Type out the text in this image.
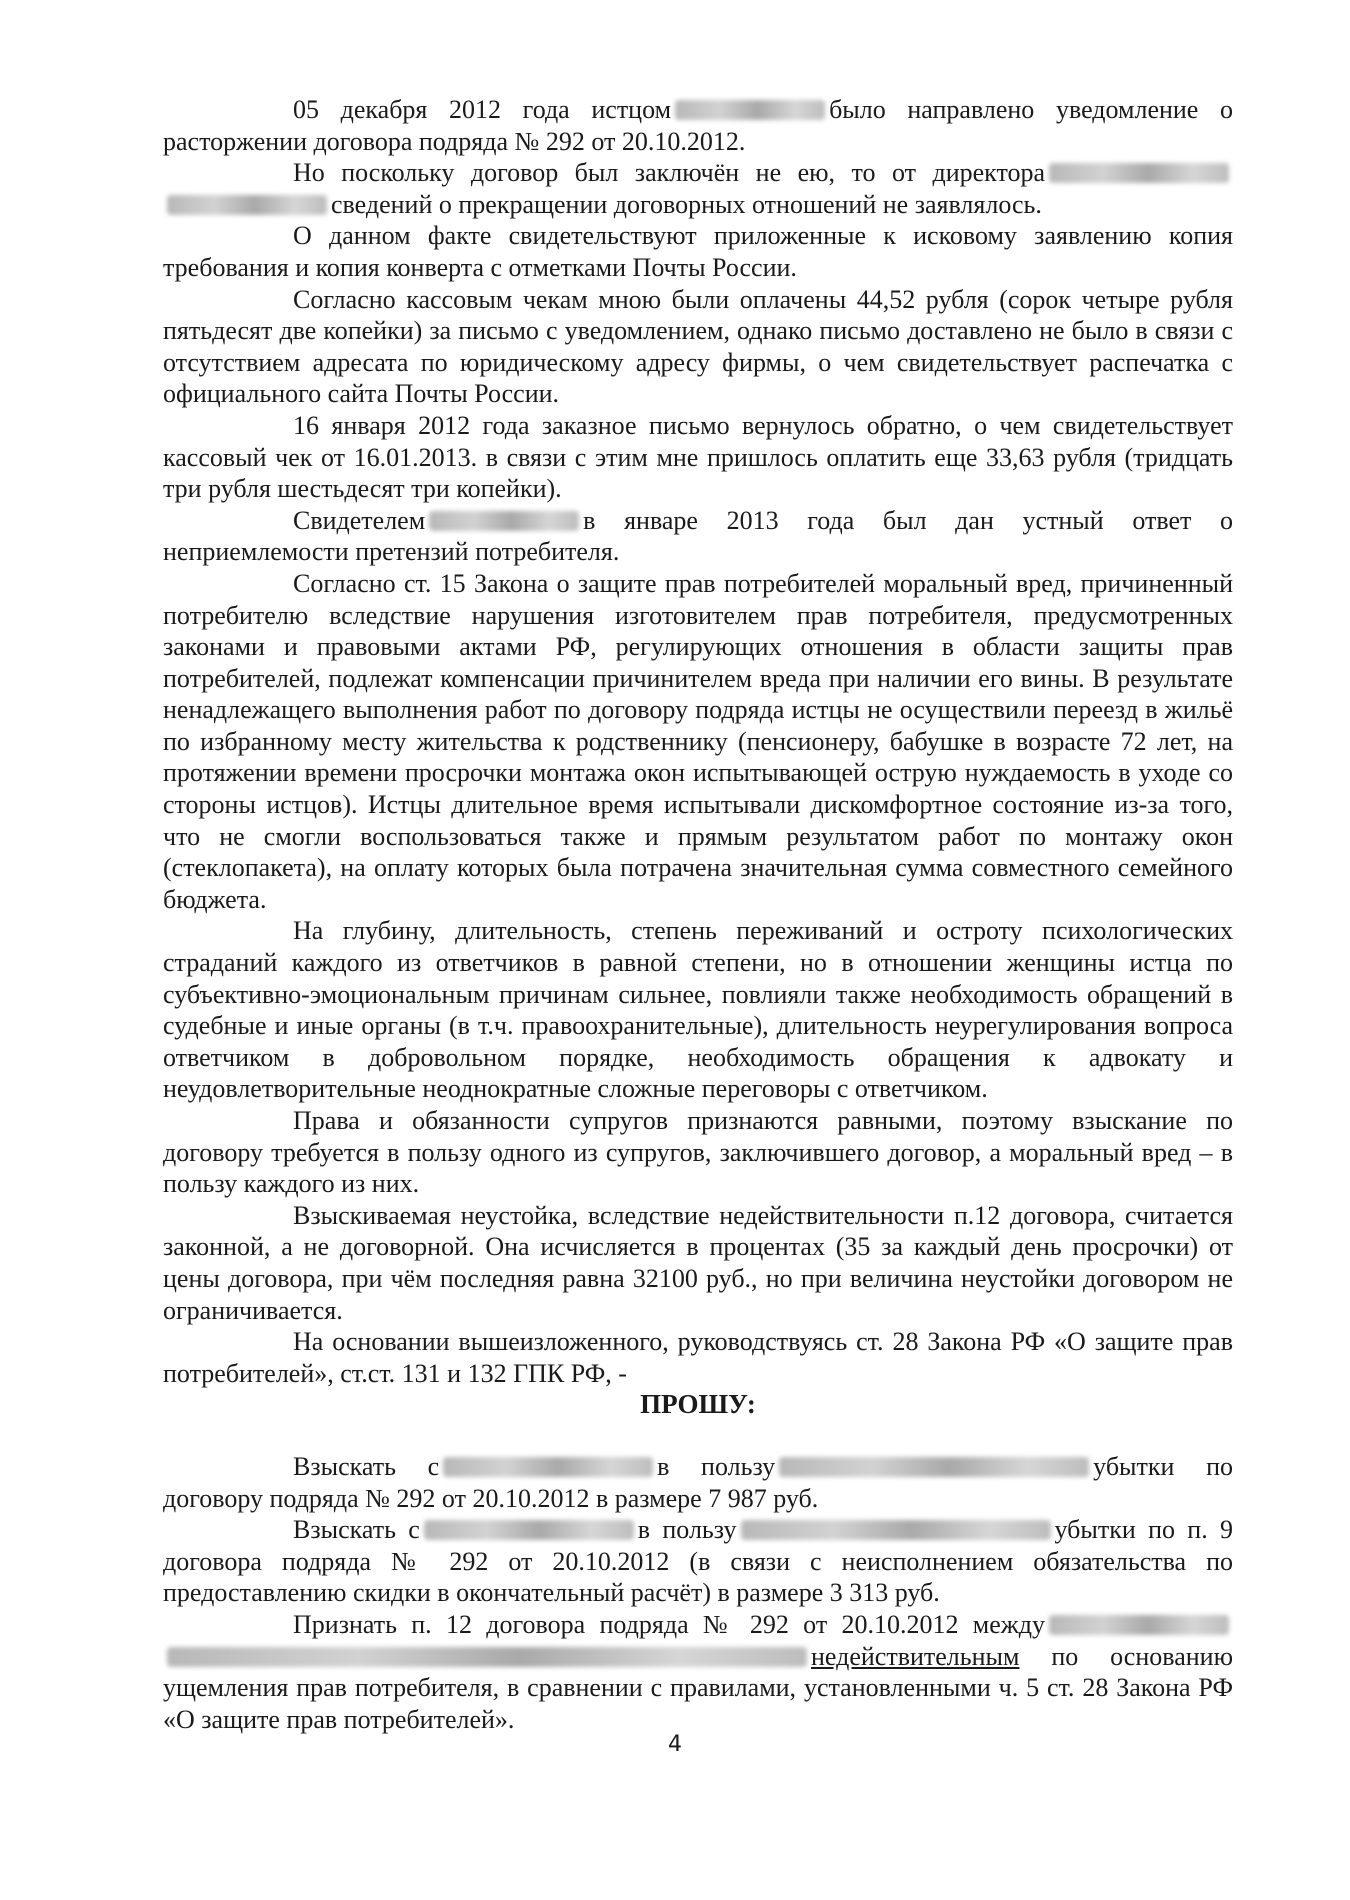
05 декабря 2012 года истцом	было направлено уведомление о расторжении договора подряда № 292 от 20.10.2012.

Но поскольку договор был заключён не ею, то от директорасведений о прекращении договорных отношений не заявлялось.

О данном факте свидетельствуют приложенные к исковому заявлению копия требования и копия конверта с отметками Почты России.

Согласно кассовым чекам мною были оплачены 44,52 рубля (сорок четыре рубля пятьдесят две копейки) за письмо с уведомлением, однако письмо доставлено не было в связи с отсутствием адресата по юридическому адресу фирмы, о чем свидетельствует распечатка с официального сайта Почты России.

16 января 2012 года заказное письмо вернулось обратно, о чем свидетельствует кассовый чек от 16.01.2013. в связи с этим мне пришлось оплатить еще 33,63 рубля (тридцать три рубля шестьдесят три копейки).

Свидетелем	в январе 2013 года был дан устный ответ о неприемлемости претензий потребителя.

Согласно ст. 15 Закона о защите прав потребителей моральный вред, причиненный потребителю вследствие нарушения изготовителем прав потребителя, предусмотренных законами и правовыми актами РФ, регулирующих отношения в области защиты прав потребителей, подлежат компенсации причинителем вреда при наличии его вины. В результате ненадлежащего выполнения работ по договору подряда истцы не осуществили переезд в жильё по избранному месту жительства к родственнику (пенсионеру, бабушке в возрасте 72 лет, на протяжении времени просрочки монтажа окон испытывающей острую нуждаемость в уходе со стороны истцов). Истцы длительное время испытывали дискомфортное состояние из-за того, что не смогли воспользоваться также и прямым результатом работ по монтажу окон (стеклопакета), на оплату которых была потрачена значительная сумма совместного семейного бюджета.

На глубину, длительность, степень переживаний и остроту психологических страданий каждого из ответчиков в равной степени, но в отношении женщины истца по субъективно-эмоциональным причинам сильнее, повлияли также необходимость обращений в судебные и иные органы (в т.ч. правоохранительные), длительность неурегулирования вопроса ответчиком в добровольном порядке, необходимость обращения к адвокату и неудовлетворительные неоднократные сложные переговоры с ответчиком.

Права и обязанности супругов признаются равными, поэтому взыскание по договору требуется в пользу одного из супругов, заключившего договор, а моральный вред – в пользу каждого из них.

Взыскиваемая неустойка, вследствие недействительности п.12 договора, считается законной, а не договорной. Она исчисляется в процентах (35 за каждый день просрочки) от цены договора, при чём последняя равна 32100 руб., но при величина неустойки договором не ограничивается.

На основании вышеизложенного, руководствуясь ст. 28 Закона РФ «О защите прав потребителей», ст.ст. 131 и 132 ГПК РФ, -

ПРОШУ:

Взыскать с	в пользу	убытки по договору подряда № 292 от 20.10.2012 в размере 7 987 руб.

Взыскать с	в пользу	убытки по п. 9 договора подряда № 292 от 20.10.2012 (в связи с неисполнением обязательства по предоставлению скидки в окончательный расчёт) в размере 3 313 руб.

Признать п. 12 договора подряда № 292 от 20.10.2012 междунедействительным по основанию ущемления прав потребителя, в сравнении с правилами, установленными ч. 5 ст. 28 Закона РФ «О защите прав потребителей».

4
